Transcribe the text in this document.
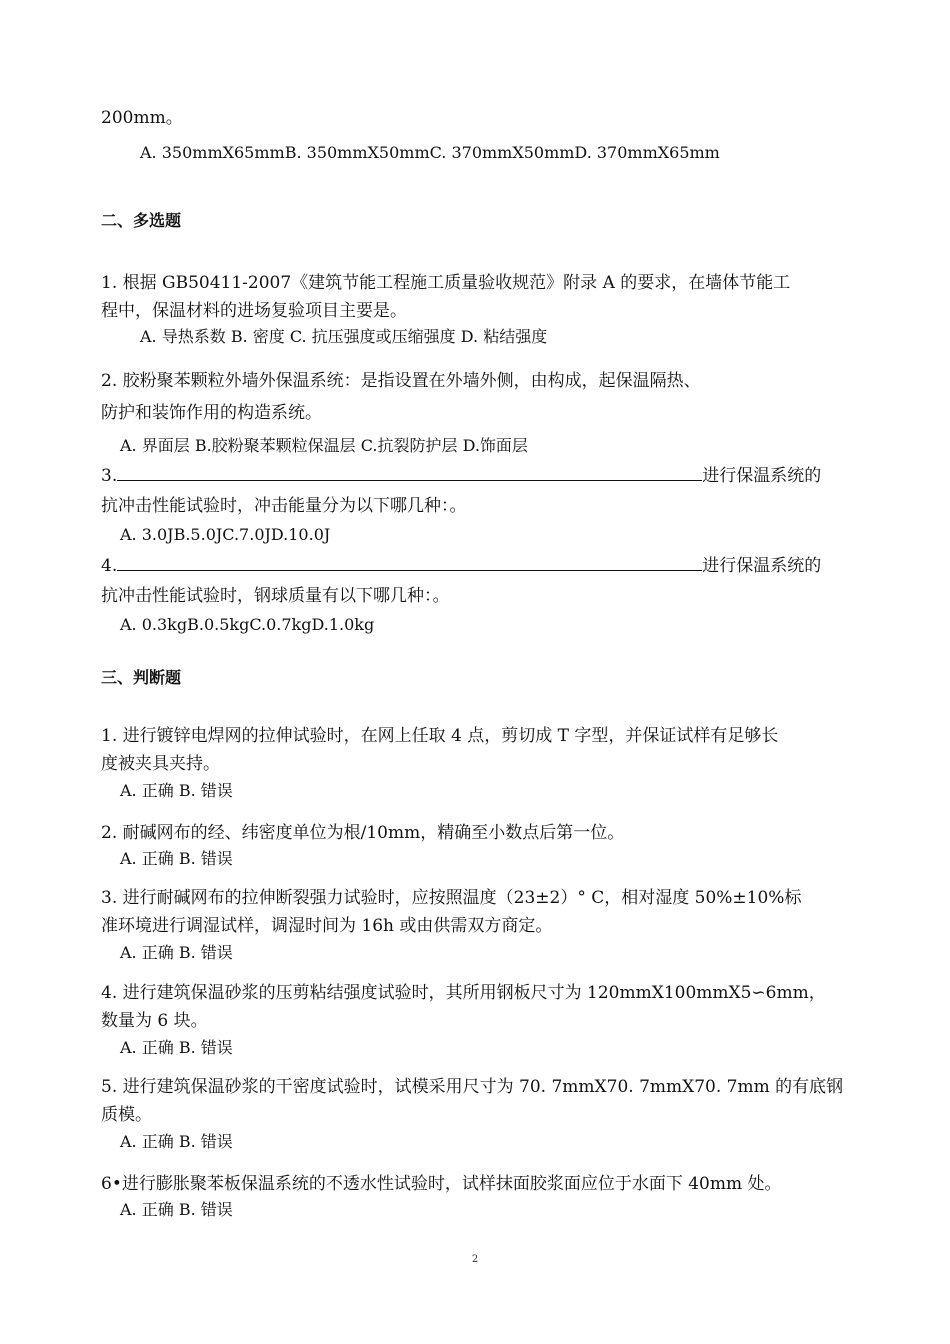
200mm。
A. 350mmX65mmB. 350mmX50mmC. 370mmX50mmD. 370mmX65mm
二、多选题
1. 根据 GB50411-2007《建筑节能工程施工质量验收规范》附录 A 的要求，在墙体节能工
程中，保温材料的进场复验项目主要是。
A. 导热系数 B. 密度 C. 抗压强度或压缩强度 D. 粘结强度
2. 胶粉聚苯颗粒外墙外保温系统：是指设置在外墙外侧，由构成，起保温隔热、
防护和装饰作用的构造系统。
A. 界面层 B.胶粉聚苯颗粒保温层 C.抗裂防护层 D.饰面层
3.	进行保温系统的
抗冲击性能试验时，冲击能量分为以下哪几种：。
A. 3.0JB.5.0JC.7.0JD.10.0J
4.	进行保温系统的
抗冲击性能试验时，钢球质量有以下哪几种：。
A. 0.3kgB.0.5kgC.0.7kgD.1.0kg
三、判断题
1. 进行镀锌电焊网的拉伸试验时，在网上任取 4 点，剪切成 T 字型，并保证试样有足够长
度被夹具夹持。
A. 正确 B. 错误
2. 耐碱网布的经、纬密度单位为根/10mm，精确至小数点后第一位。
A. 正确 B. 错误
3. 进行耐碱网布的拉伸断裂强力试验时，应按照温度（23±2）° C，相对湿度 50%±10%标
准环境进行调湿试样，调湿时间为 16h 或由供需双方商定。
A. 正确 B. 错误
4. 进行建筑保温砂浆的压剪粘结强度试验时，其所用钢板尺寸为 120mmX100mmX5∽6mm，
数量为 6 块。
A. 正确 B. 错误
5. 进行建筑保温砂浆的干密度试验时，试模采用尺寸为 70. 7mmX70. 7mmX70. 7mm 的有底钢
质模。
A. 正确 B. 错误
6•进行膨胀聚苯板保温系统的不透水性试验时，试样抹面胶浆面应位于水面下 40mm 处。
A. 正确 B. 错误
2
